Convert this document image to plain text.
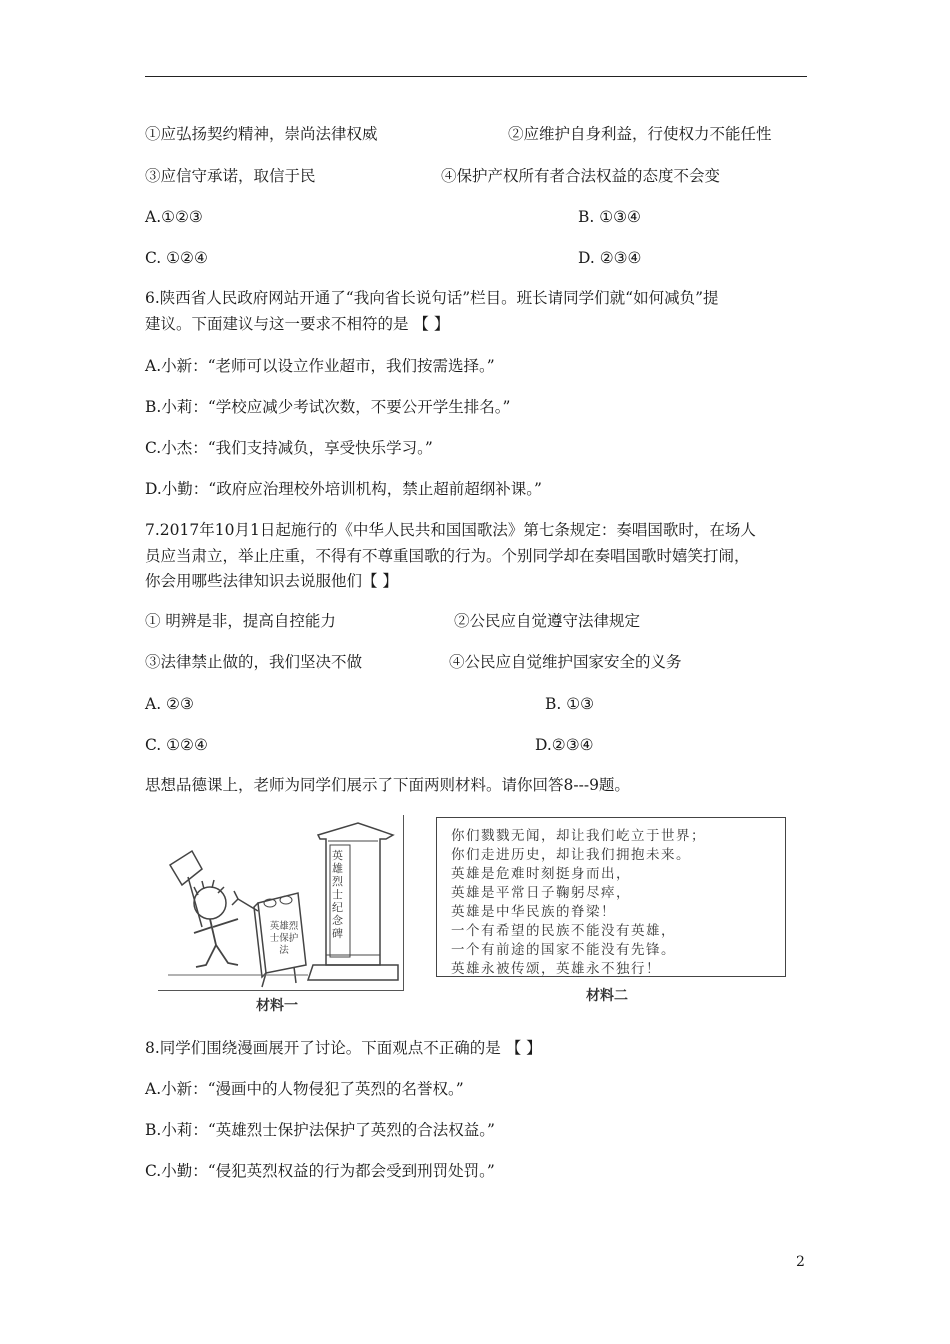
①应弘扬契约精神，崇尚法律权威	②应维护自身利益，行使权力不能任性
③应信守承诺，取信于民	④保护产权所有者合法权益的态度不会变
A.①②③	B. ①③④
C. ①②④	D. ②③④
6.陕西省人民政府网站开通了“我向省长说句话”栏目。班长请同学们就“如何减负”提
建议。下面建议与这一要求不相符的是 【 】
A.小新：“老师可以设立作业超市，我们按需选择。”
B.小莉：“学校应减少考试次数，不要公开学生排名。”
C.小杰：“我们支持减负，享受快乐学习。”
D.小勤：“政府应治理校外培训机构，禁止超前超纲补课。”
7.2017年10月1日起施行的《中华人民共和国国歌法》第七条规定：奏唱国歌时，在场人
员应当肃立，举止庄重，不得有不尊重国歌的行为。个别同学却在奏唱国歌时嬉笑打闹，
你会用哪些法律知识去说服他们【 】
① 明辨是非，提高自控能力	②公民应自觉遵守法律规定
③法律禁止做的，我们坚决不做	④公民应自觉维护国家安全的义务
A. ②③	B. ①③
C. ①②④	D.②③④
思想品德课上，老师为同学们展示了下面两则材料。请你回答8---9题。
英雄烈士纪念碑
英雄烈士保护法
你们戮戮无闻，却让我们屹立于世界；
你们走进历史，却让我们拥抱未来。
英雄是危难时刻挺身而出，
英雄是平常日子鞠躬尽瘁，
英雄是中华民族的脊梁！
一个有希望的民族不能没有英雄，
一个有前途的国家不能没有先锋。
英雄永被传颂，英雄永不独行！
材料一
材料二
8.同学们围绕漫画展开了讨论。下面观点不正确的是 【 】
A.小新：“漫画中的人物侵犯了英烈的名誉权。”
B.小莉：“英雄烈士保护法保护了英烈的合法权益。”
C.小勤：“侵犯英烈权益的行为都会受到刑罚处罚。”
2
